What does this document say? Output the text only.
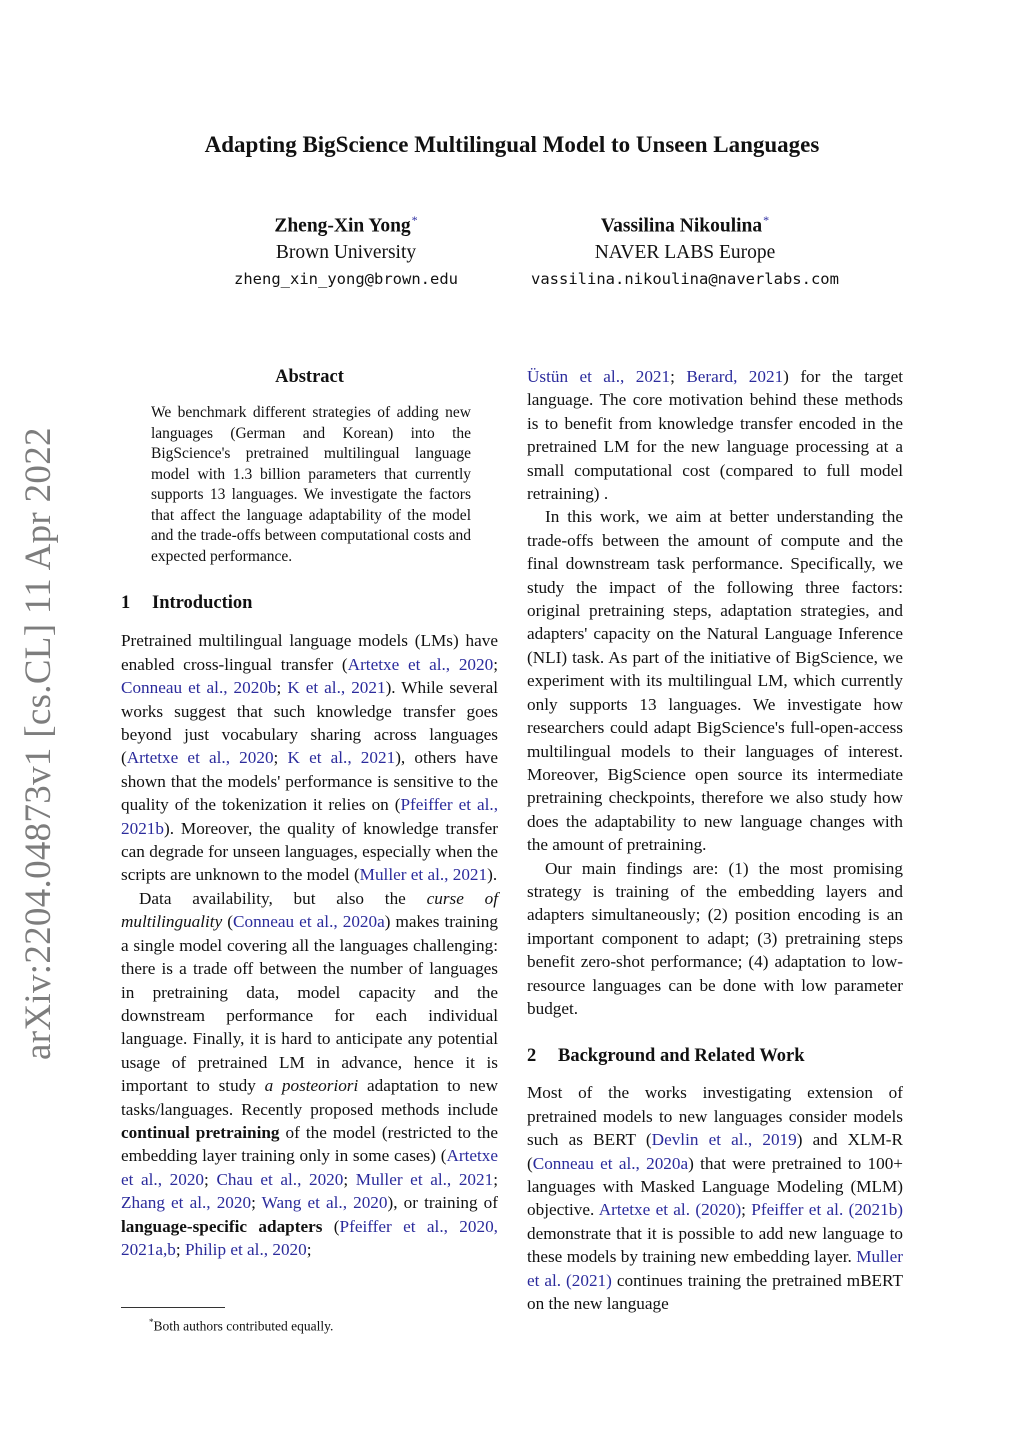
Adapting BigScience Multilingual Model to Unseen Languages
Zheng-Xin Yong*
Brown University
zheng_xin_yong@brown.edu
Vassilina Nikoulina*
NAVER LABS Europe
vassilina.nikoulina@naverlabs.com
arXiv:2204.04873v1 [cs.CL] 11 Apr 2022
Abstract
We benchmark different strategies of adding new languages (German and Korean) into the BigScience's pretrained multilingual language model with 1.3 billion parameters that currently supports 13 languages. We investigate the factors that affect the language adaptability of the model and the trade-offs between computational costs and expected performance.
1	Introduction

Pretrained multilingual language models (LMs) have enabled cross-lingual transfer (Artetxe et al., 2020; Conneau et al., 2020b; K et al., 2021). While several works suggest that such knowledge transfer goes beyond just vocabulary sharing across languages (Artetxe et al., 2020; K et al., 2021), others have shown that the models' performance is sensitive to the quality of the tokenization it relies on (Pfeiffer et al., 2021b). Moreover, the quality of knowledge transfer can degrade for unseen languages, especially when the scripts are unknown to the model (Muller et al., 2021).

Data availability, but also the curse of multilinguality (Conneau et al., 2020a) makes training a single model covering all the languages challenging: there is a trade off between the number of languages in pretraining data, model capacity and the downstream performance for each individual language. Finally, it is hard to anticipate any potential usage of pretrained LM in advance, hence it is important to study a posteoriori adaptation to new tasks/languages. Recently proposed methods include continual pretraining of the model (restricted to the embedding layer training only in some cases) (Artetxe et al., 2020; Chau et al., 2020; Muller et al., 2021; Zhang et al., 2020; Wang et al., 2020), or training of language-specific adapters (Pfeiffer et al., 2020, 2021a,b; Philip et al., 2020;

Üstün et al., 2021; Berard, 2021) for the target language. The core motivation behind these methods is to benefit from knowledge transfer encoded in the pretrained LM for the new language processing at a small computational cost (compared to full model retraining) .

In this work, we aim at better understanding the trade-offs between the amount of compute and the final downstream task performance. Specifically, we study the impact of the following three factors: original pretraining steps, adaptation strategies, and adapters' capacity on the Natural Language Inference (NLI) task. As part of the initiative of BigScience, we experiment with its multilingual LM, which currently only supports 13 languages. We investigate how researchers could adapt BigScience's full-open-access multilingual models to their languages of interest. Moreover, BigScience open source its intermediate pretraining checkpoints, therefore we also study how does the adaptability to new language changes with the amount of pretraining.

Our main findings are: (1) the most promising strategy is training of the embedding layers and adapters simultaneously; (2) position encoding is an important component to adapt; (3) pretraining steps benefit zero-shot performance; (4) adaptation to low-resource languages can be done with low parameter budget.

2	Background and Related Work

Most of the works investigating extension of pretrained models to new languages consider models such as BERT (Devlin et al., 2019) and XLM-R (Conneau et al., 2020a) that were pretrained to 100+ languages with Masked Language Modeling (MLM) objective. Artetxe et al. (2020); Pfeiffer et al. (2021b) demonstrate that it is possible to add new language to these models by training new embedding layer. Muller et al. (2021) continues training the pretrained mBERT on the new language

*Both authors contributed equally.
